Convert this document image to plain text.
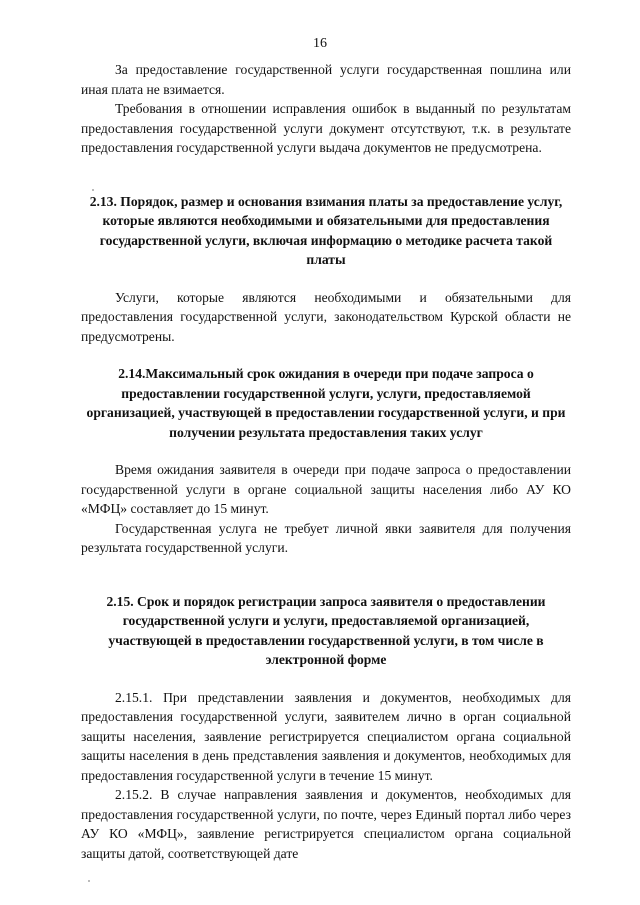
16

За предоставление государственной услуги государственная пошлина или иная плата не взимается.

Требования в отношении исправления ошибок в выданный по результатам предоставления государственной услуги документ отсутствуют, т.к. в результате предоставления государственной услуги выдача документов не предусмотрена.

2.13. Порядок, размер и основания взимания платы за предоставление услуг, которые являются необходимыми и обязательными для предоставления государственной услуги, включая информацию о методике расчета такой платы

Услуги, которые являются необходимыми и обязательными для предоставления государственной услуги, законодательством Курской области не предусмотрены.

2.14.Максимальный срок ожидания в очереди при подаче запроса о предоставлении государственной услуги, услуги, предоставляемой организацией, участвующей в предоставлении государственной услуги, и при получении результата предоставления таких услуг

Время ожидания заявителя в очереди при подаче запроса о предоставлении государственной услуги в органе социальной защиты населения либо АУ КО «МФЦ» составляет до 15 минут.

Государственная услуга не требует личной явки заявителя для получения результата государственной услуги.

2.15. Срок и порядок регистрации запроса заявителя о предоставлении государственной услуги и услуги, предоставляемой организацией, участвующей в предоставлении государственной услуги, в том числе в электронной форме

2.15.1. При представлении заявления и документов, необходимых для предоставления государственной услуги, заявителем лично в орган социальной защиты населения, заявление регистрируется специалистом органа социальной защиты населения в день представления заявления и документов, необходимых для предоставления государственной услуги в течение 15 минут.

2.15.2. В случае направления заявления и документов, необходимых для предоставления государственной услуги, по почте, через Единый портал либо через АУ КО «МФЦ», заявление регистрируется специалистом органа социальной защиты датой, соответствующей дате
